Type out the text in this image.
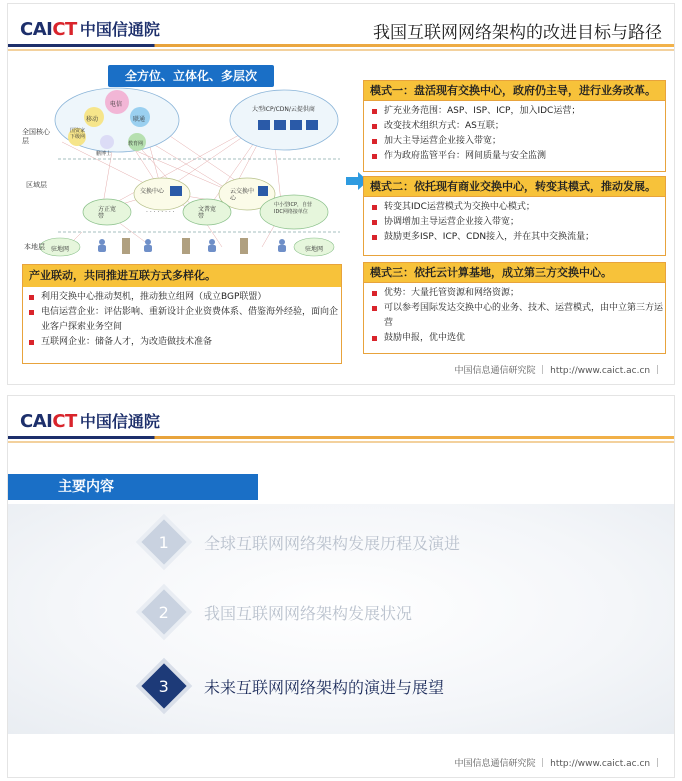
CAICT 中国信通院	我国互联网网络架构的改进目标与路径
· · · · · · · ·
全方位、立体化、多层次
全国核心层
区域层
本地层
电信
移动	联通
国资家下级网
鹏博士
教育网
大型ICP/CDN/云提供商
交换中心	云交换中心
方正宽带
文普宽带
中小型ICP，自营IDC网络接单位
驻地网	驻地网
产业联动，共同推进互联方式多样化。
利用交换中心推动契机，推动独立组网（成立BGP联盟）
电信运营企业：评估影响、重新设计企业资费体系、借鉴海外经验，面向企业客户探索业务空间
互联网企业：储备人才，为改造做技术准备
模式一：盘活现有交换中心，政府仍主导，进行业务改革。
扩充业务范围：ASP、ISP、ICP，加入IDC运营；
改变技术组织方式：AS互联；
加大主导运营企业接入带宽；
作为政府监管平台：网间质量与安全监测
模式二：依托现有商业交换中心，转变其模式，推动发展。
转变其IDC运营模式为交换中心模式；
协调增加主导运营企业接入带宽；
鼓励更多ISP、ICP、CDN接入，并在其中交换流量；
模式三：依托云计算基地，成立第三方交换中心。
优势：大量托管资源和网络资源；
可以参考国际发达交换中心的业务、技术、运营模式，由中立第三方运营
鼓励申报，优中选优
中国信息通信研究院 ｜ http://www.caict.ac.cn ｜
CAICT 中国信通院
主要内容
1 全球互联网网络架构发展历程及演进
2 我国互联网网络架构发展状况
3 未来互联网网络架构的演进与展望
中国信息通信研究院 ｜ http://www.caict.ac.cn ｜
